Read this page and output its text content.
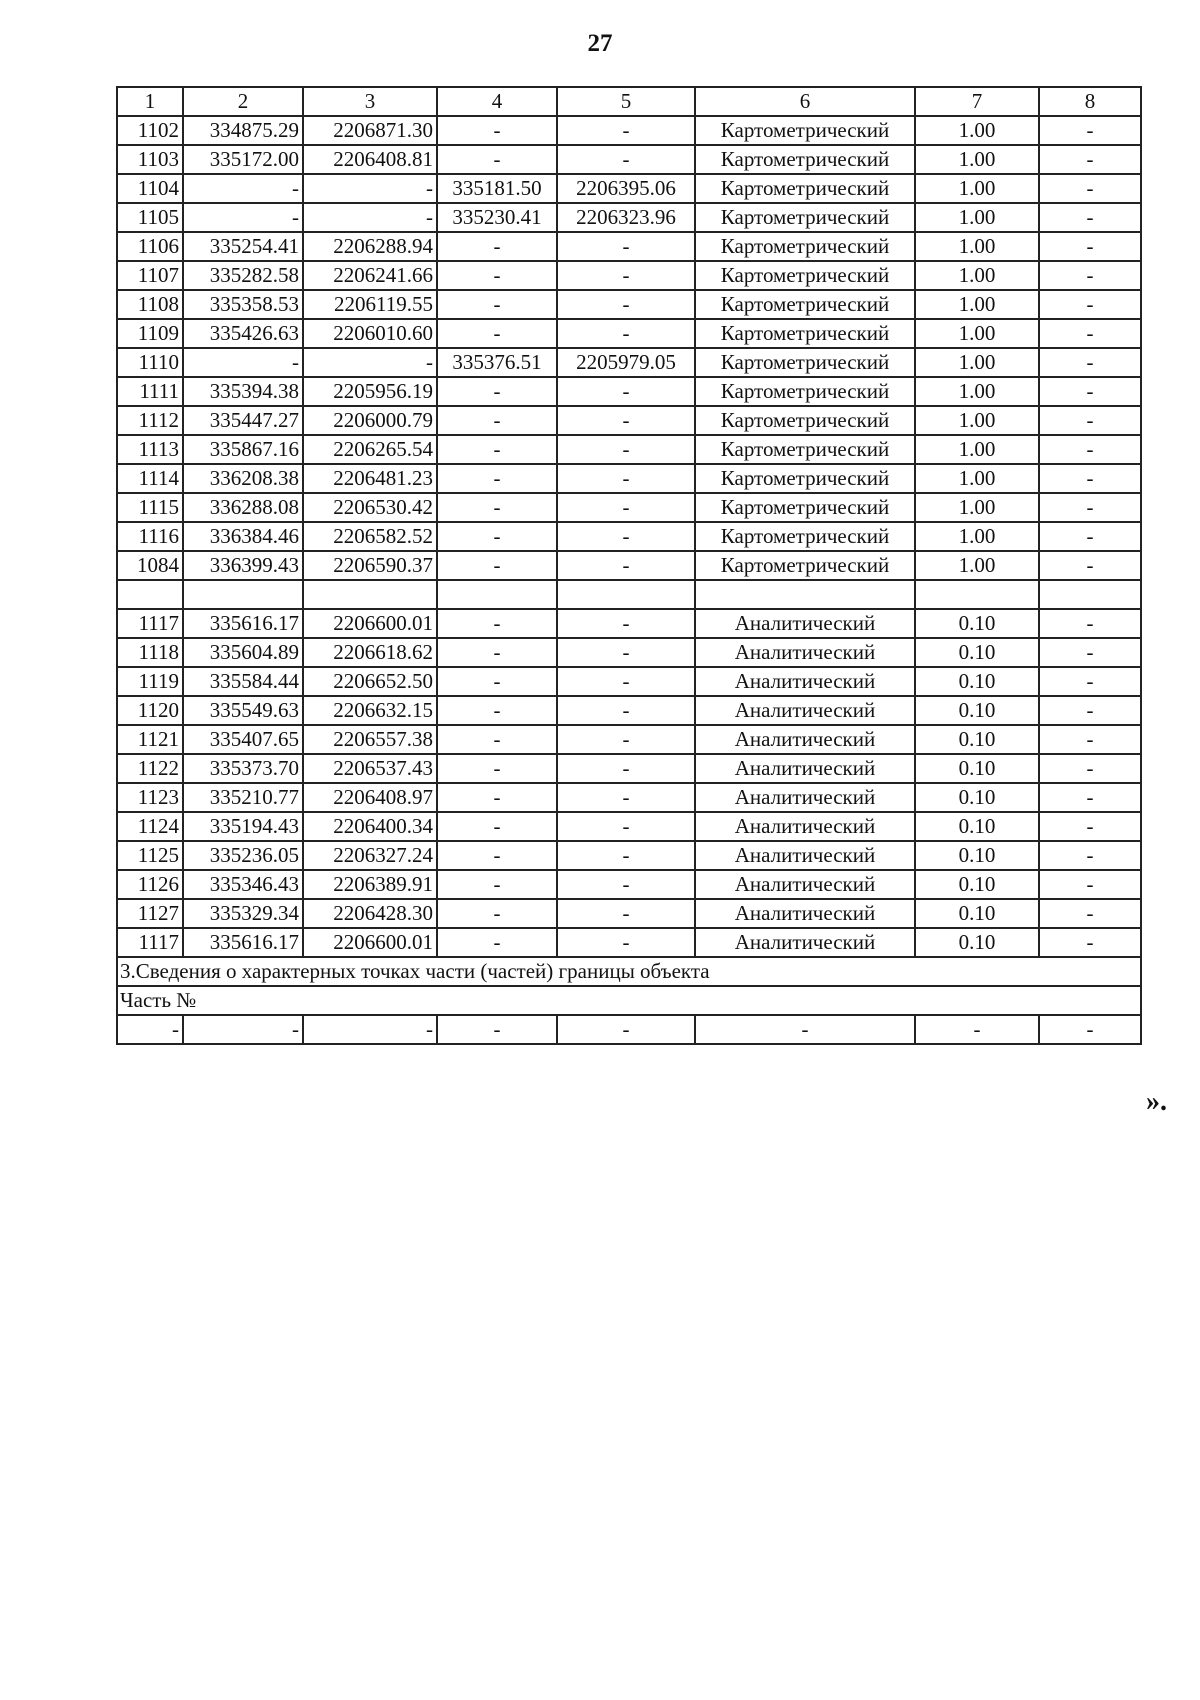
27
1	2	3	4	5	6	7	8
1102	334875.29	2206871.30	-	-	Картометрический	1.00	-
1103	335172.00	2206408.81	-	-	Картометрический	1.00	-
1104	-	-	335181.50	2206395.06	Картометрический	1.00	-
1105	-	-	335230.41	2206323.96	Картометрический	1.00	-
1106	335254.41	2206288.94	-	-	Картометрический	1.00	-
1107	335282.58	2206241.66	-	-	Картометрический	1.00	-
1108	335358.53	2206119.55	-	-	Картометрический	1.00	-
1109	335426.63	2206010.60	-	-	Картометрический	1.00	-
1110	-	-	335376.51	2205979.05	Картометрический	1.00	-
1111	335394.38	2205956.19	-	-	Картометрический	1.00	-
1112	335447.27	2206000.79	-	-	Картометрический	1.00	-
1113	335867.16	2206265.54	-	-	Картометрический	1.00	-
1114	336208.38	2206481.23	-	-	Картометрический	1.00	-
1115	336288.08	2206530.42	-	-	Картометрический	1.00	-
1116	336384.46	2206582.52	-	-	Картометрический	1.00	-
1084	336399.43	2206590.37	-	-	Картометрический	1.00	-

1117	335616.17	2206600.01	-	-	Аналитический	0.10	-
1118	335604.89	2206618.62	-	-	Аналитический	0.10	-
1119	335584.44	2206652.50	-	-	Аналитический	0.10	-
1120	335549.63	2206632.15	-	-	Аналитический	0.10	-
1121	335407.65	2206557.38	-	-	Аналитический	0.10	-
1122	335373.70	2206537.43	-	-	Аналитический	0.10	-
1123	335210.77	2206408.97	-	-	Аналитический	0.10	-
1124	335194.43	2206400.34	-	-	Аналитический	0.10	-
1125	335236.05	2206327.24	-	-	Аналитический	0.10	-
1126	335346.43	2206389.91	-	-	Аналитический	0.10	-
1127	335329.34	2206428.30	-	-	Аналитический	0.10	-
1117	335616.17	2206600.01	-	-	Аналитический	0.10	-
3.Сведения о характерных точках части (частей) границы объекта							
Часть №							
-	-	-	-	-	-	-	-
».
